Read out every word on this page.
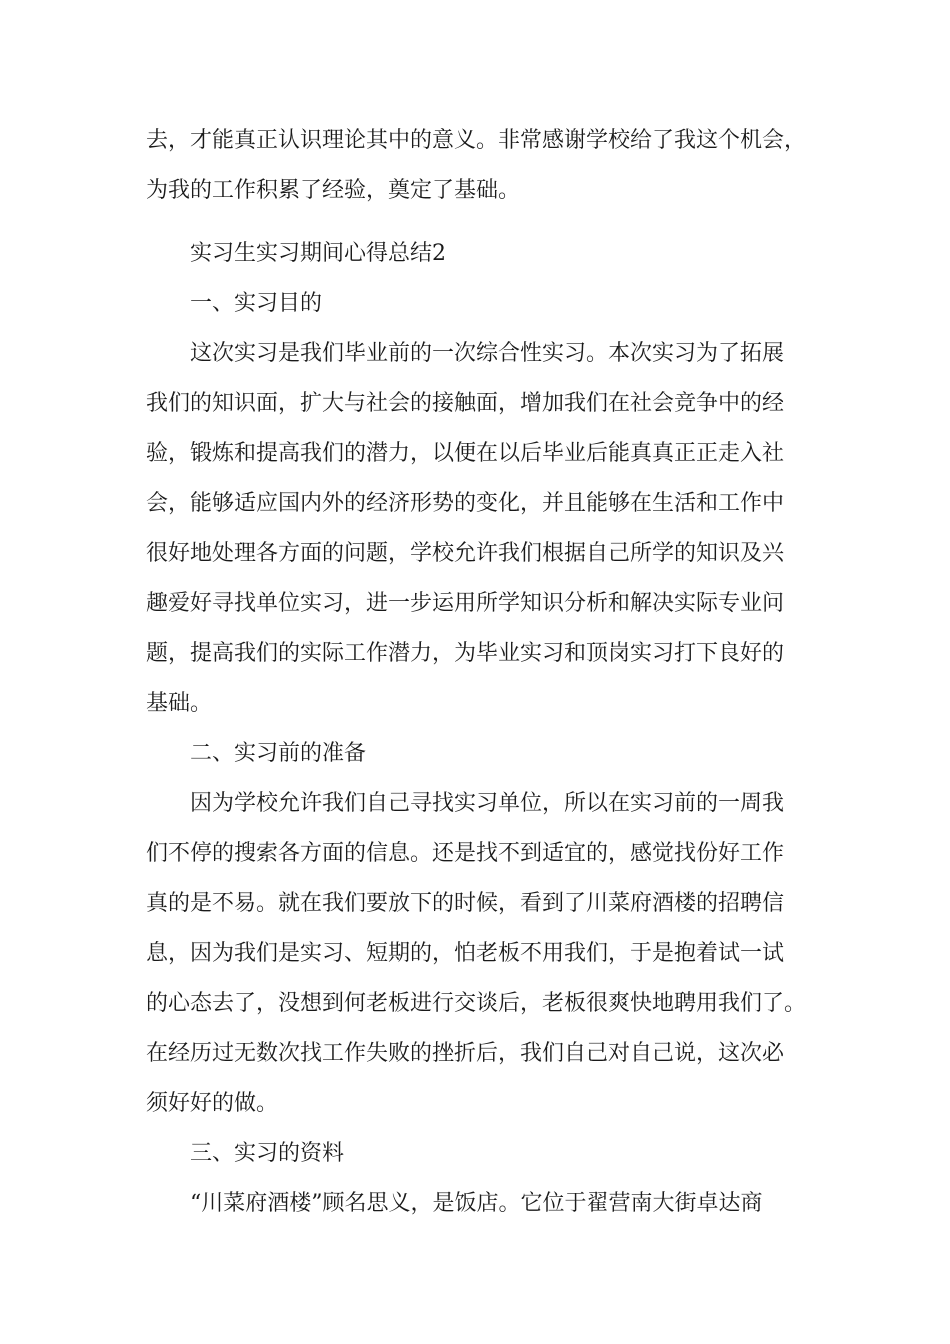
去，才能真正认识理论其中的意义。非常感谢学校给了我这个机会，
为我的工作积累了经验，奠定了基础。
实习生实习期间心得总结2
一、实习目的
这次实习是我们毕业前的一次综合性实习。本次实习为了拓展
我们的知识面，扩大与社会的接触面，增加我们在社会竞争中的经
验，锻炼和提高我们的潜力，以便在以后毕业后能真真正正走入社
会，能够适应国内外的经济形势的变化，并且能够在生活和工作中
很好地处理各方面的问题，学校允许我们根据自己所学的知识及兴
趣爱好寻找单位实习，进一步运用所学知识分析和解决实际专业问
题，提高我们的实际工作潜力，为毕业实习和顶岗实习打下良好的
基础。
二、实习前的准备
因为学校允许我们自己寻找实习单位，所以在实习前的一周我
们不停的搜索各方面的信息。还是找不到适宜的，感觉找份好工作
真的是不易。就在我们要放下的时候，看到了川菜府酒楼的招聘信
息，因为我们是实习、短期的，怕老板不用我们，于是抱着试一试
的心态去了，没想到何老板进行交谈后，老板很爽快地聘用我们了。
在经历过无数次找工作失败的挫折后，我们自己对自己说，这次必
须好好的做。
三、实习的资料
“川菜府酒楼”顾名思义，是饭店。它位于翟营南大街卓达商
